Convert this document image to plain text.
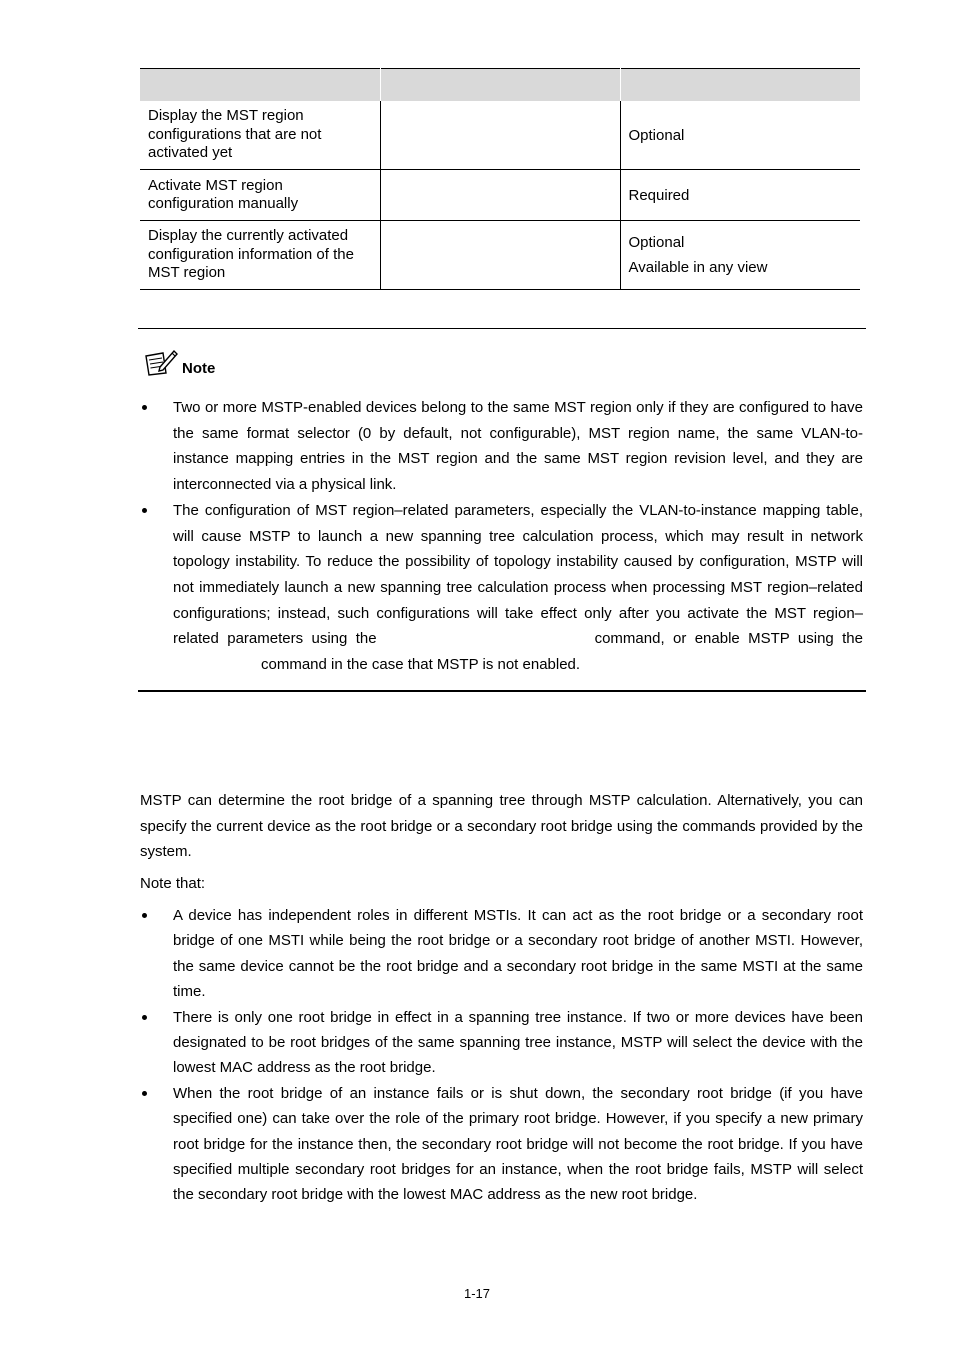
Display the MST region configurations that are not activated yet		Optional

Activate MST region configuration manually		Required

Display the currently activated configuration information of the MST region		Optional
Available in any view
Note
Two or more MSTP-enabled devices belong to the same MST region only if they are configured to have the same format selector (0 by default, not configurable), MST region name, the same VLAN-to-instance mapping entries in the MST region and the same MST region revision level, and they are interconnected via a physical link.
The configuration of MST region–related parameters, especially the VLAN-to-instance mapping table, will cause MSTP to launch a new spanning tree calculation process, which may result in network topology instability. To reduce the possibility of topology instability caused by configuration, MSTP will not immediately launch a new spanning tree calculation process when processing MST region–related configurations; instead, such configurations will take effect only after you activate the MST region–related parameters using the	command, or enable MSTP using thecommand in the case that MSTP is not enabled.

MSTP can determine the root bridge of a spanning tree through MSTP calculation. Alternatively, you can specify the current device as the root bridge or a secondary root bridge using the commands provided by the system.

Note that:

A device has independent roles in different MSTIs. It can act as the root bridge or a secondary root bridge of one MSTI while being the root bridge or a secondary root bridge of another MSTI. However, the same device cannot be the root bridge and a secondary root bridge in the same MSTI at the same time.
There is only one root bridge in effect in a spanning tree instance. If two or more devices have been designated to be root bridges of the same spanning tree instance, MSTP will select the device with the lowest MAC address as the root bridge.
When the root bridge of an instance fails or is shut down, the secondary root bridge (if you have specified one) can take over the role of the primary root bridge. However, if you specify a new primary root bridge for the instance then, the secondary root bridge will not become the root bridge. If you have specified multiple secondary root bridges for an instance, when the root bridge fails, MSTP will select the secondary root bridge with the lowest MAC address as the new root bridge.
1-17
